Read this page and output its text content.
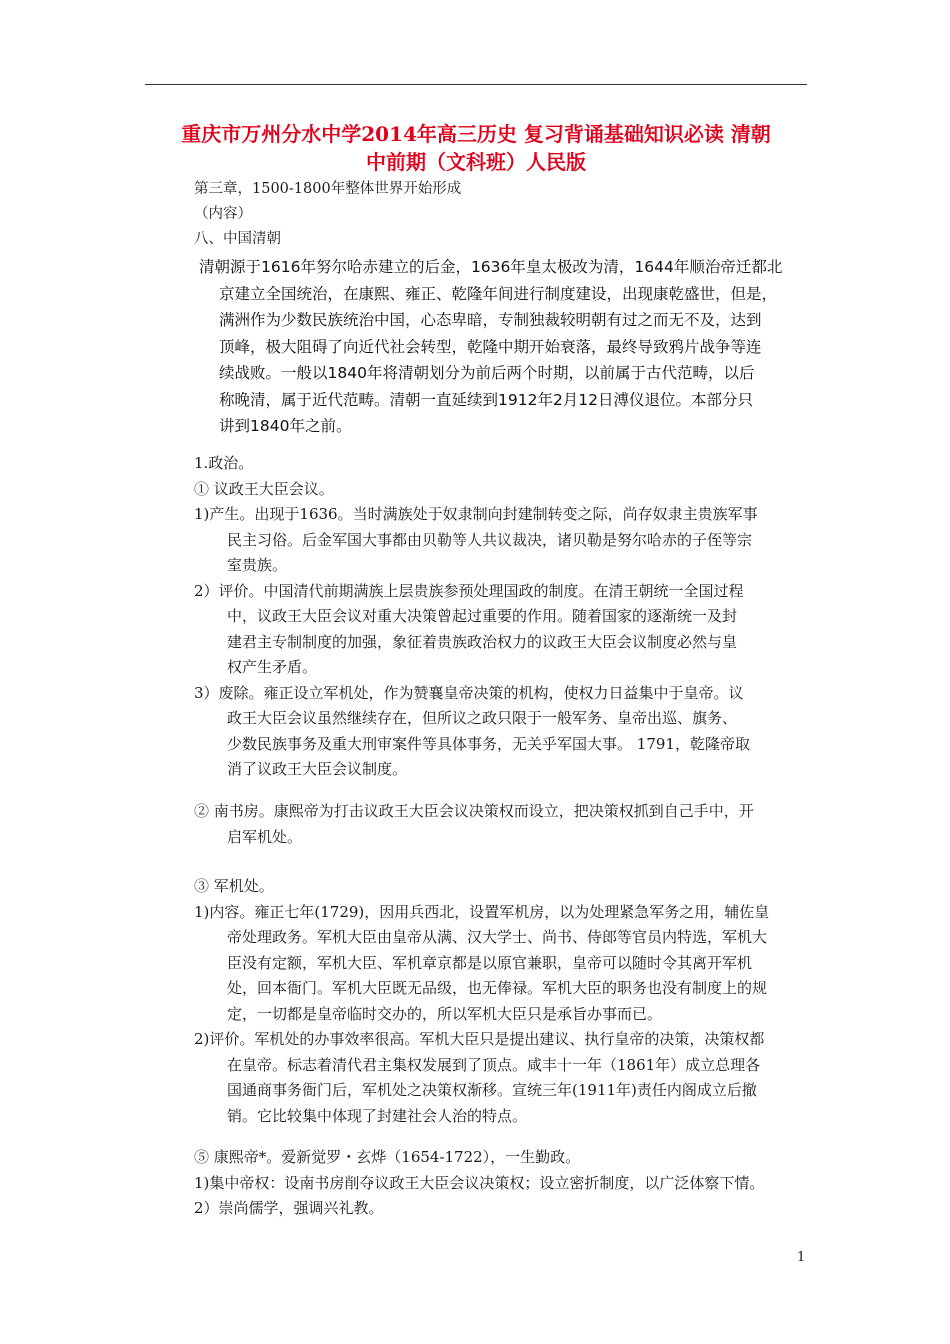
重庆市万州分水中学2014年高三历史 复习背诵基础知识必读 清朝
中前期（文科班）人民版
第三章，1500-1800年整体世界开始形成
（内容）
八、中国清朝
清朝源于1616年努尔哈赤建立的后金，1636年皇太极改为清，1644年顺治帝迁都北
京建立全国统治，在康熙、雍正、乾隆年间进行制度建设，出现康乾盛世，但是，
满洲作为少数民族统治中国，心态卑暗，专制独裁较明朝有过之而无不及，达到
顶峰，极大阻碍了向近代社会转型，乾隆中期开始衰落，最终导致鸦片战争等连
续战败。一般以1840年将清朝划分为前后两个时期，以前属于古代范畴，以后
称晚清，属于近代范畴。清朝一直延续到1912年2月12日溥仪退位。本部分只
讲到1840年之前。
1.政治。
① 议政王大臣会议。
1)产生。出现于1636。当时满族处于奴隶制向封建制转变之际，尚存奴隶主贵族军事
民主习俗。后金军国大事都由贝勒等人共议裁决，诸贝勒是努尔哈赤的子侄等宗
室贵族。
2）评价。中国清代前期满族上层贵族参预处理国政的制度。在清王朝统一全国过程
中，议政王大臣会议对重大决策曾起过重要的作用。随着国家的逐渐统一及封
建君主专制制度的加强，象征着贵族政治权力的议政王大臣会议制度必然与皇
权产生矛盾。
3）废除。雍正设立军机处，作为赞襄皇帝决策的机构，使权力日益集中于皇帝。议
政王大臣会议虽然继续存在，但所议之政只限于一般军务、皇帝出巡、旗务、
少数民族事务及重大刑审案件等具体事务，无关乎军国大事。 1791，乾隆帝取
消了议政王大臣会议制度。
② 南书房。康熙帝为打击议政王大臣会议决策权而设立，把决策权抓到自己手中，开
启军机处。
③ 军机处。
1)内容。雍正七年(1729)，因用兵西北，设置军机房，以为处理紧急军务之用，辅佐皇
帝处理政务。军机大臣由皇帝从满、汉大学士、尚书、侍郎等官员内特选，军机大
臣没有定额，军机大臣、军机章京都是以原官兼职，皇帝可以随时令其离开军机
处，回本衙门。军机大臣既无品级，也无俸禄。军机大臣的职务也没有制度上的规
定，一切都是皇帝临时交办的，所以军机大臣只是承旨办事而已。
2)评价。军机处的办事效率很高。军机大臣只是提出建议、执行皇帝的决策，决策权都
在皇帝。标志着清代君主集权发展到了顶点。咸丰十一年（1861年）成立总理各
国通商事务衙门后，军机处之决策权渐移。宣统三年(1911年)责任内阁成立后撤
销。它比较集中体现了封建社会人治的特点。
⑤ 康熙帝*。爱新觉罗・玄烨（1654-1722），一生勤政。
1)集中帝权：设南书房削夺议政王大臣会议决策权；设立密折制度，以广泛体察下情。
2）崇尚儒学，强调兴礼教。
1
